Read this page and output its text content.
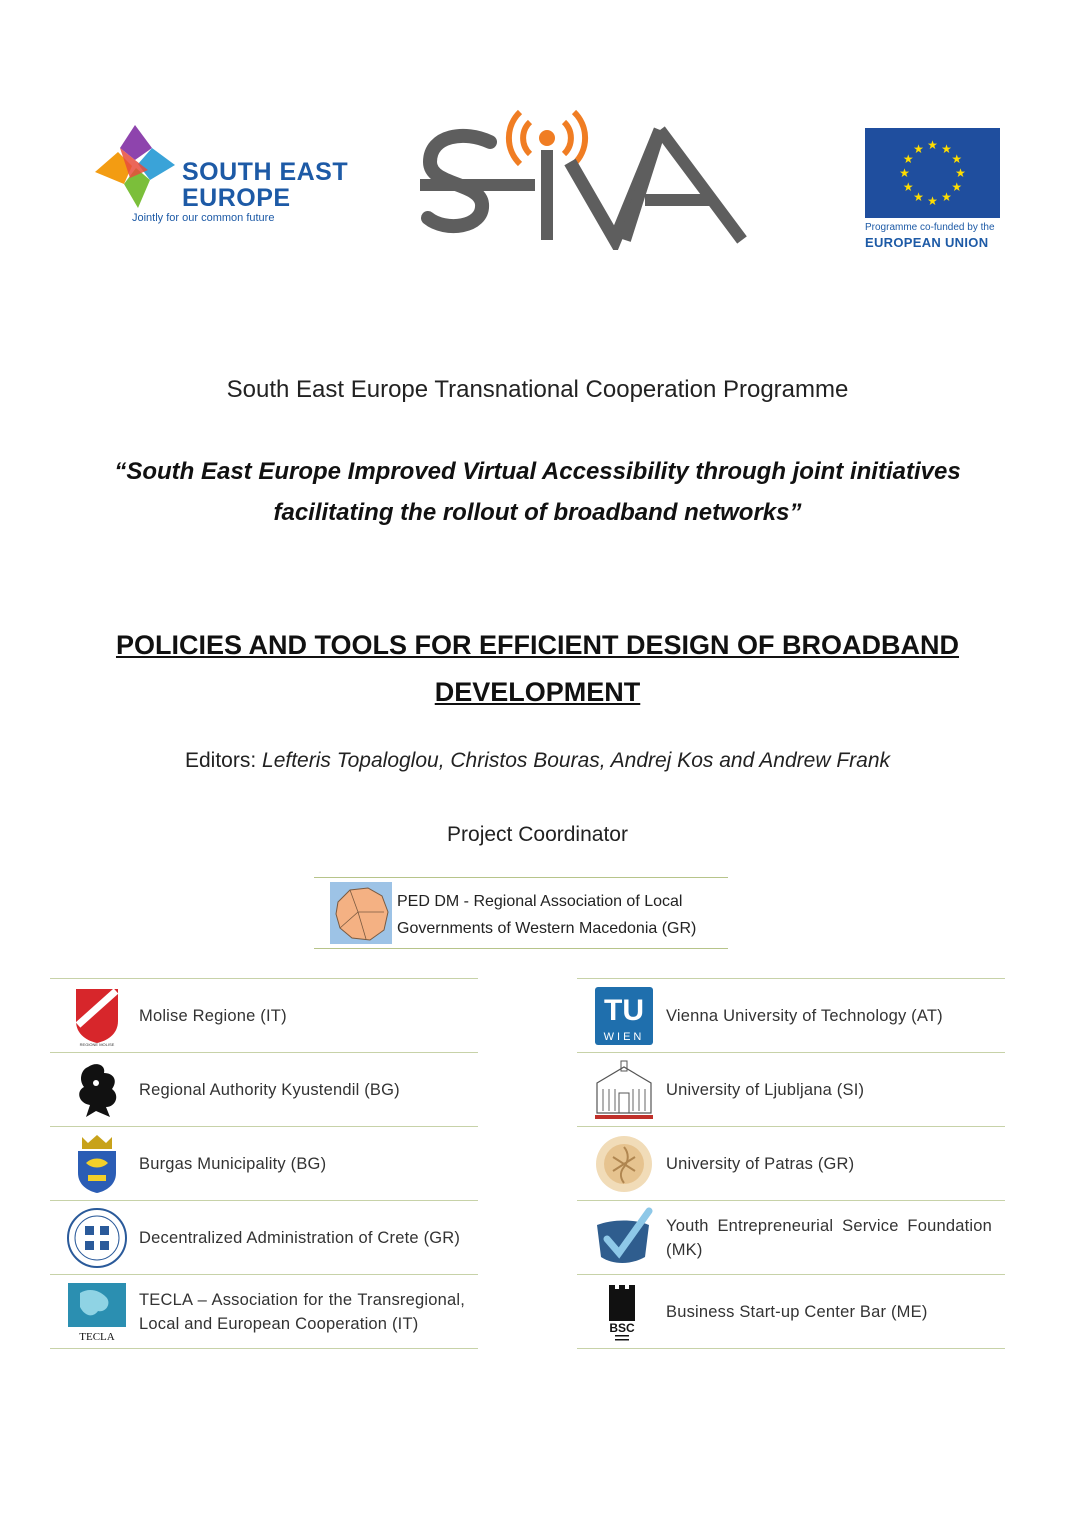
SOUTH EAST
EUROPE
Jointly for our common future
★ ★
★
★
★
★
★
★
★
★
★
★
Programme co-funded by the
EUROPEAN UNION
South East Europe Transnational Cooperation Programme
“South East Europe Improved Virtual Accessibility through joint initiatives
facilitating the rollout of broadband networks”
POLICIES AND TOOLS FOR EFFICIENT DESIGN OF BROADBAND
DEVELOPMENT
Editors: Lefteris Topaloglou, Christos Bouras, Andrej Kos and Andrew Frank
Project Coordinator
PED DM - Regional Association of Local
Governments of Western Macedonia (GR)
REGIONE MOLISE
Molise Regione (IT)
Regional Authority Kyustendil (BG)
Burgas Municipality (BG)
Decentralized Administration of Crete (GR)
TECLA
TECLA – Association for the Transregional, Local and European Cooperation (IT)
TU
WIEN
Vienna University of Technology (AT)
University of Ljubljana (SI)
University of Patras (GR)
Youth Entrepreneurial Service Foundation (MK)
BSC
Business Start-up Center Bar (ME)
